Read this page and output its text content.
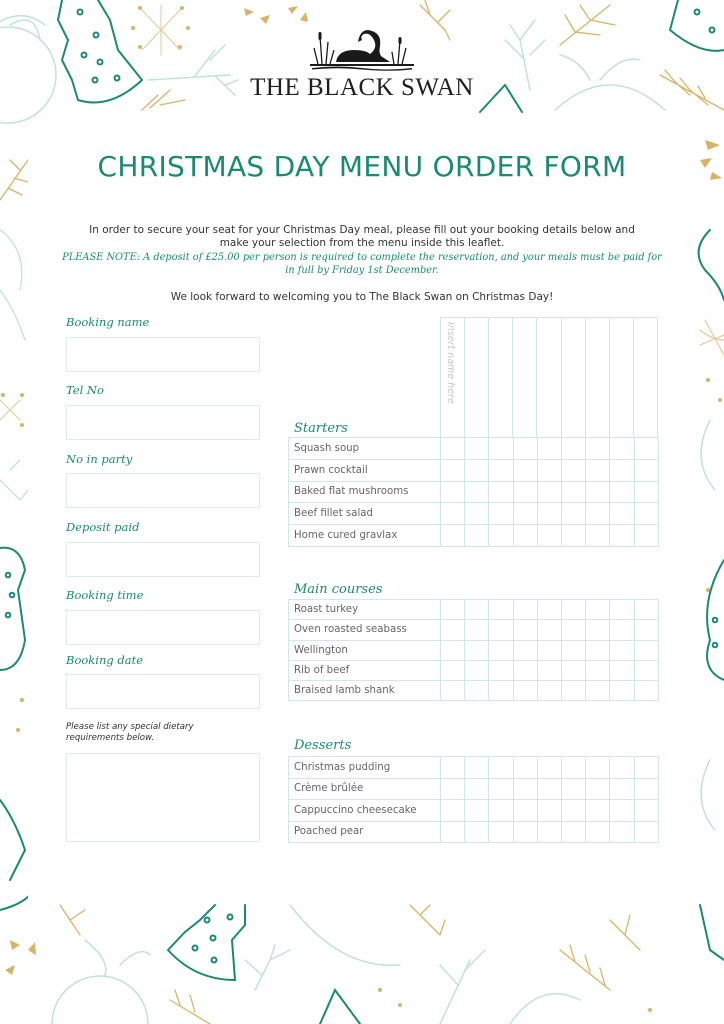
THE BLACK SWAN
CHRISTMAS DAY MENU ORDER FORM
In order to secure your seat for your Christmas Day meal, please fill out your booking details below and
make your selection from the menu inside this leaflet.
PLEASE NOTE: A deposit of £25.00 per person is required to complete the reservation, and your meals must be paid for
in full by Friday 1st December.
We look forward to welcoming you to The Black Swan on Christmas Day!
Booking name
Tel No
No in party
Deposit paid
Booking time
Booking date
Please list any special dietary
requirements below.
Insert name here
Starters
Squash soup									
Prawn cocktail									
Baked flat mushrooms									
Beef fillet salad									
Home cured gravlax									
Main courses
Roast turkey									
Oven roasted seabass									
Wellington									
Rib of beef									
Braised lamb shank									
Desserts
Christmas pudding									
Crème brûlée									
Cappuccino cheesecake									
Poached pear									
